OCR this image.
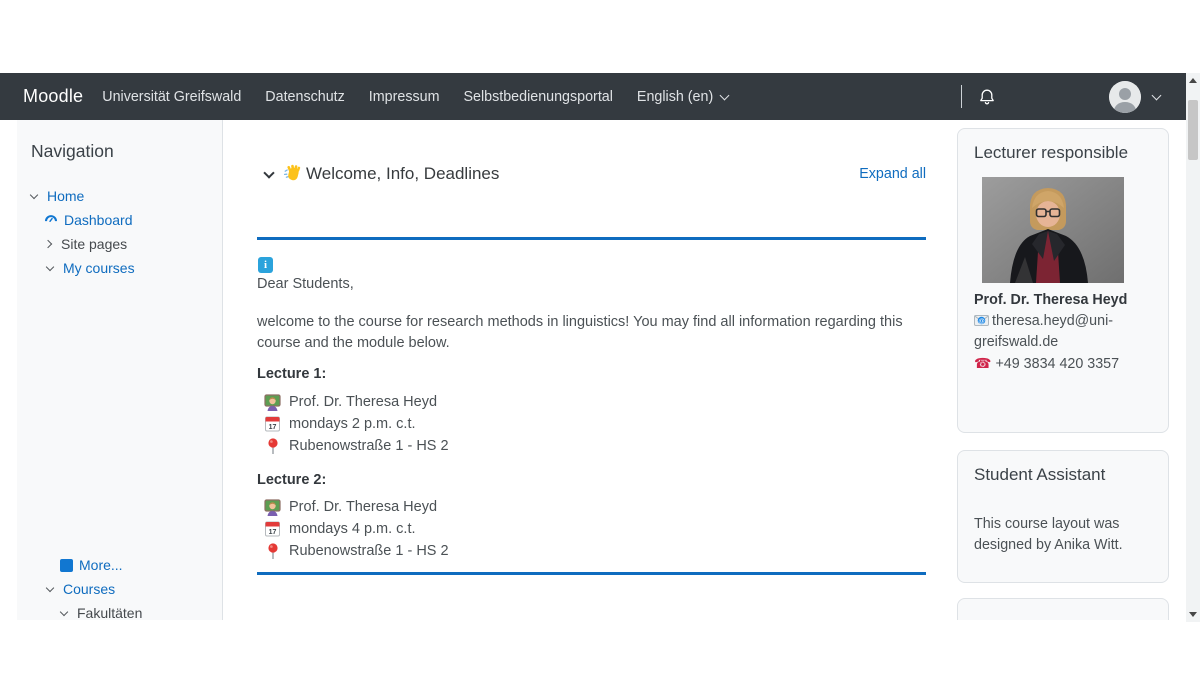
Moodle Universität Greifswald Datenschutz Impressum Selbstbedienungsportal English (en)
Navigation
Home
Dashboard
Site pages
My courses
More...
Courses
Fakultäten
Welcome, Info, Deadlines	Expand all
i
Dear Students,
welcome to the course for research methods in linguistics! You may find all information regarding this course and the module below.
Lecture 1:
Prof. Dr. Theresa Heyd
17 mondays 2 p.m. c.t.
Rubenowstraße 1 - HS 2
Lecture 2:
Prof. Dr. Theresa Heyd
17 mondays 4 p.m. c.t.
Rubenowstraße 1 - HS 2
Lecturer responsible
Prof. Dr. Theresa Heyd
@ theresa.heyd@uni-greifswald.de
☎ +49 3834 420 3357
Student Assistant
This course layout was designed by Anika Witt.
